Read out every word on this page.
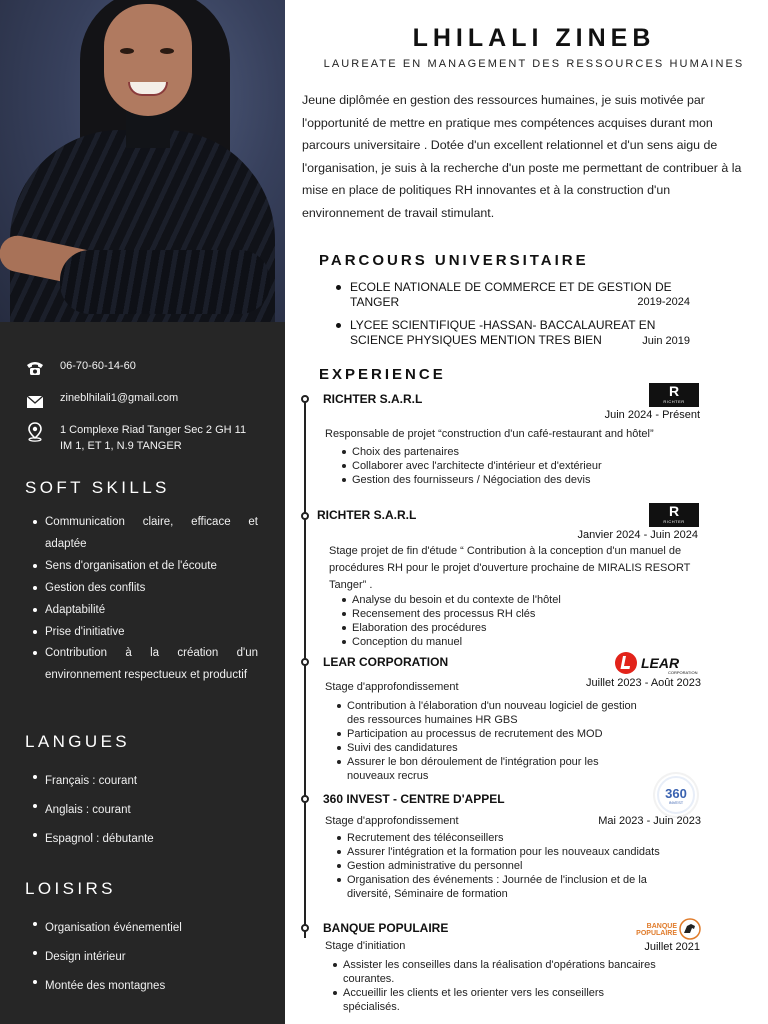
06-70-60-14-60
zineblhilali1@gmail.com
1 Complexe Riad Tanger Sec 2 GH 11
IM 1, ET 1, N.9 TANGER
SOFT SKILLS
Communication claire, efficace et adaptée
Sens d'organisation et de l'écoute
Gestion des conflits
Adaptabilité
Prise d'initiative
Contribution à la création d'un environnement respectueux et productif
LANGUES
Français : courant
Anglais : courant
Espagnol : débutante
LOISIRS
Organisation événementiel
Design intérieur
Montée des montagnes
LHILALI ZINEB
LAUREATE EN MANAGEMENT DES RESSOURCES HUMAINES

Jeune diplômée en gestion des ressources humaines, je suis motivée par l'opportunité de mettre en pratique mes compétences acquises durant mon parcours universitaire . Dotée d'un excellent relationnel et d'un sens aigu de l'organisation, je suis à la recherche d'un poste me permettant de contribuer à la mise en place de politiques RH innovantes et à la construction d'un environnement de travail stimulant.

PARCOURS UNIVERSITAIRE
ECOLE NATIONALE DE COMMERCE ET DE GESTION DE TANGER	2019-2024
LYCEE SCIENTIFIQUE -HASSAN- BACCALAUREAT EN SCIENCE PHYSIQUES MENTION TRES BIEN	Juin 2019
EXPERIENCE
RICHTER S.A.R.L	R
RICHTER
Juin 2024 - Présent
Responsable de projet “construction d'un café-restaurant and hôtel”
Choix des partenaires
Collaborer avec l'architecte d'intérieur et d'extérieur
Gestion des fournisseurs / Négociation des devis
RICHTER S.A.R.L	R
RICHTER
Janvier 2024 - Juin 2024
Stage projet de fin d'étude “ Contribution à la conception d'un manuel de procédures RH pour le projet d'ouverture prochaine de MIRALIS RESORT Tanger” .
Analyse du besoin et du contexte de l'hôtel
Recensement des processus RH clés
Elaboration des procédures
Conception du manuel
LEAR CORPORATION	LEAR
CORPORATION
Juillet 2023 - Août 2023
Stage d'approfondissement
Contribution à l'élaboration d'un nouveau logiciel de gestion des ressources humaines HR GBS
Participation au processus de recrutement des MOD
Suivi des candidatures
Assurer le bon déroulement de l'intégration pour les nouveaux recrus
360 INVEST - CENTRE D'APPEL	360
INVEST
Mai 2023 - Juin 2023
Stage d'approfondissement
Recrutement des téléconseillers
Assurer l'intégration et la formation pour les nouveaux candidats
Gestion administrative du personnel
Organisation des événements : Journée de l'inclusion et de la diversité, Séminaire de formation
BANQUE POPULAIRE	BANQUE
POPULAIRE
Juillet 2021
Stage d'initiation
Assister les conseilles dans la réalisation d'opérations bancaires courantes.
Accueillir les clients et les orienter vers les conseillers spécialisés.
